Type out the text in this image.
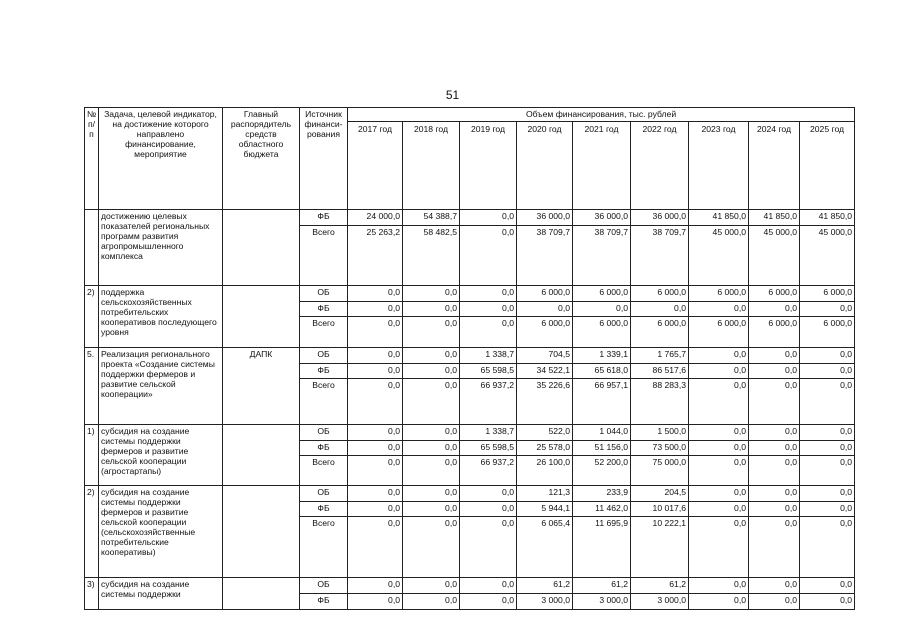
51
№
п/п	Задача, целевой индикатор, на достижение которого направлено финансирование, мероприятие	Главный распорядитель средств областного бюджета	Источник финанси-рования	Объем финансирования, тыс. рублей								
				2017 год	2018 год	2019 год	2020 год	2021 год	2022 год	2023 год	2024 год	2025 год
	достижению целевых показателей региональных программ развития агропромышленного комплекса		ФБ	24 000,0	54 388,7	0,0	36 000,0	36 000,0	36 000,0	41 850,0	41 850,0	41 850,0
			Всего	25 263,2	58 482,5	0,0	38 709,7	38 709,7	38 709,7	45 000,0	45 000,0	45 000,0
2)	поддержка сельскохозяйственных потребительских кооперативов последующего уровня		ОБ	0,0	0,0	0,0	6 000,0	6 000,0	6 000,0	6 000,0	6 000,0	6 000,0
			ФБ	0,0	0,0	0,0	0,0	0,0	0,0	0,0	0,0	0,0
			Всего	0,0	0,0	0,0	6 000,0	6 000,0	6 000,0	6 000,0	6 000,0	6 000,0
5.	Реализация регионального проекта «Создание системы поддержки фермеров и развитие сельской кооперации»	ДАПК	ОБ	0,0	0,0	1 338,7	704,5	1 339,1	1 765,7	0,0	0,0	0,0
			ФБ	0,0	0,0	65 598,5	34 522,1	65 618,0	86 517,6	0,0	0,0	0,0
			Всего	0,0	0,0	66 937,2	35 226,6	66 957,1	88 283,3	0,0	0,0	0,0
1)	субсидия на создание системы поддержки фермеров и развитие сельской кооперации (агростартапы)		ОБ	0,0	0,0	1 338,7	522,0	1 044,0	1 500,0	0,0	0,0	0,0
			ФБ	0,0	0,0	65 598,5	25 578,0	51 156,0	73 500,0	0,0	0,0	0,0
			Всего	0,0	0,0	66 937,2	26 100,0	52 200,0	75 000,0	0,0	0,0	0,0
2)	субсидия на создание системы поддержки фермеров и развитие сельской кооперации (сельскохозяйственные потребительские кооперативы)		ОБ	0,0	0,0	0,0	121,3	233,9	204,5	0,0	0,0	0,0
			ФБ	0,0	0,0	0,0	5 944,1	11 462,0	10 017,6	0,0	0,0	0,0
			Всего	0,0	0,0	0,0	6 065,4	11 695,9	10 222,1	0,0	0,0	0,0
3)	субсидия на создание системы поддержки		ОБ	0,0	0,0	0,0	61,2	61,2	61,2	0,0	0,0	0,0
			ФБ	0,0	0,0	0,0	3 000,0	3 000,0	3 000,0	0,0	0,0	0,0
